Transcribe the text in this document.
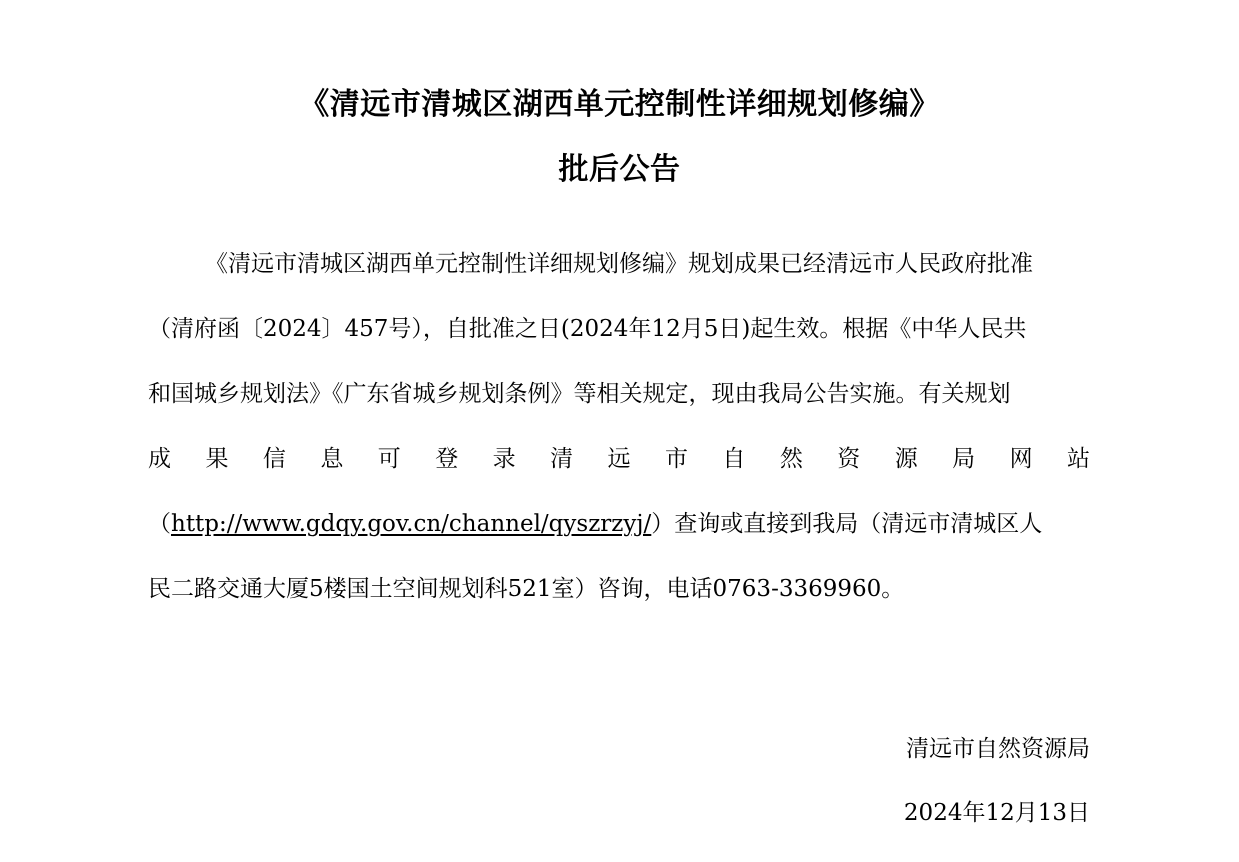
《清远市清城区湖西单元控制性详细规划修编》
批后公告
《清远市清城区湖西单元控制性详细规划修编》规划成果已经清远市人民政府批准
（清府函〔2024〕457号），自批准之日(2024年12月5日)起生效。根据《中华人民共
和国城乡规划法》《广东省城乡规划条例》等相关规定，现由我局公告实施。有关规划
成 果 信 息 可 登 录 清 远 市 自 然 资 源 局 网 站
（http://www.gdqy.gov.cn/channel/qyszrzyj/）查询或直接到我局（清远市清城区人
民二路交通大厦5楼国土空间规划科521室）咨询，电话0763-3369960。
清远市自然资源局
2024年12月13日
